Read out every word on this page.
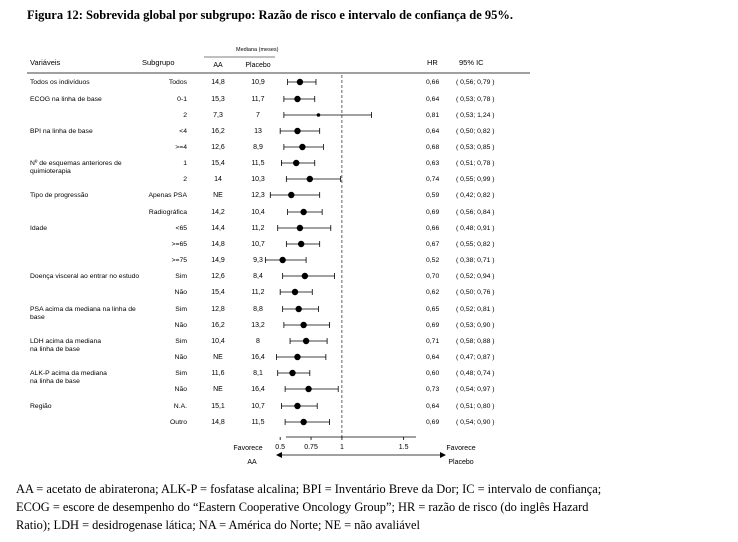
Figura 12: Sobrevida global por subgrupo: Razão de risco e intervalo de confiança de 95%.
Variáveis	Subgrupo
Mediana (meses)
AA	Placebo	HR	95% IC
Todos os indivíduos	Todos	14,8	10,9	0,66 ( 0,56; 0,79 )
ECOG na linha de base	0-1	15,3	11,7	0,64 ( 0,53; 0,78 )
2	7,3	7	0,81 ( 0,53; 1,24 )
BPI na linha de base	<4	16,2	13	0,64 ( 0,50; 0,82 )
>=4	12,6	8,9	0,68 ( 0,53; 0,85 )
Nº de esquemas anteriores de
quimioterapia
1	15,4	11,5	0,63 ( 0,51; 0,78 )
2	14	10,3	0,74 ( 0,55; 0,99 )
Tipo de progressão	Apenas PSA	NE	12,3	0,59 ( 0,42; 0,82 )
Radiográfica	14,2	10,4	0,69 ( 0,56; 0,84 )
Idade	<65	14,4	11,2	0,66 ( 0,48; 0,91 )
>=65	14,8	10,7	0,67 ( 0,55; 0,82 )
>=75	14,9	9,3	0,52 ( 0,38; 0,71 )
Doença visceral ao entrar no estudo	Sim	12,6	8,4	0,70 ( 0,52; 0,94 )
Não	15,4	11,2	0,62 ( 0,50; 0,76 )
PSA acima da mediana na linha de
base
Sim	12,8	8,8	0,65 ( 0,52; 0,81 )
Não	16,2	13,2	0,69 ( 0,53; 0,90 )
LDH acima da mediana
na linha de base
Sim	10,4	8	0,71 ( 0,58; 0,88 )
Não	NE	16,4	0,64 ( 0,47; 0,87 )
ALK-P acima da mediana
na linha de base
Sim	11,6	8,1	0,60 ( 0,48; 0,74 )
Não	NE	16,4	0,73 ( 0,54; 0,97 )
Região	N.A.	15,1	10,7	0,64 ( 0,51; 0,80 )
Outro	14,8	11,5	0,69 ( 0,54; 0,90 )
0.5	0.75	1	1.5
Favorece
AA
Favorece
Placebo
AA = acetato de abiraterona; ALK-P = fosfatase alcalina; BPI = Inventário Breve da Dor; IC = intervalo de confiança;
ECOG = escore de desempenho do “Eastern Cooperative Oncology Group”; HR = razão de risco (do inglês Hazard
Ratio); LDH = desidrogenase lática; NA = América do Norte; NE = não avaliável
